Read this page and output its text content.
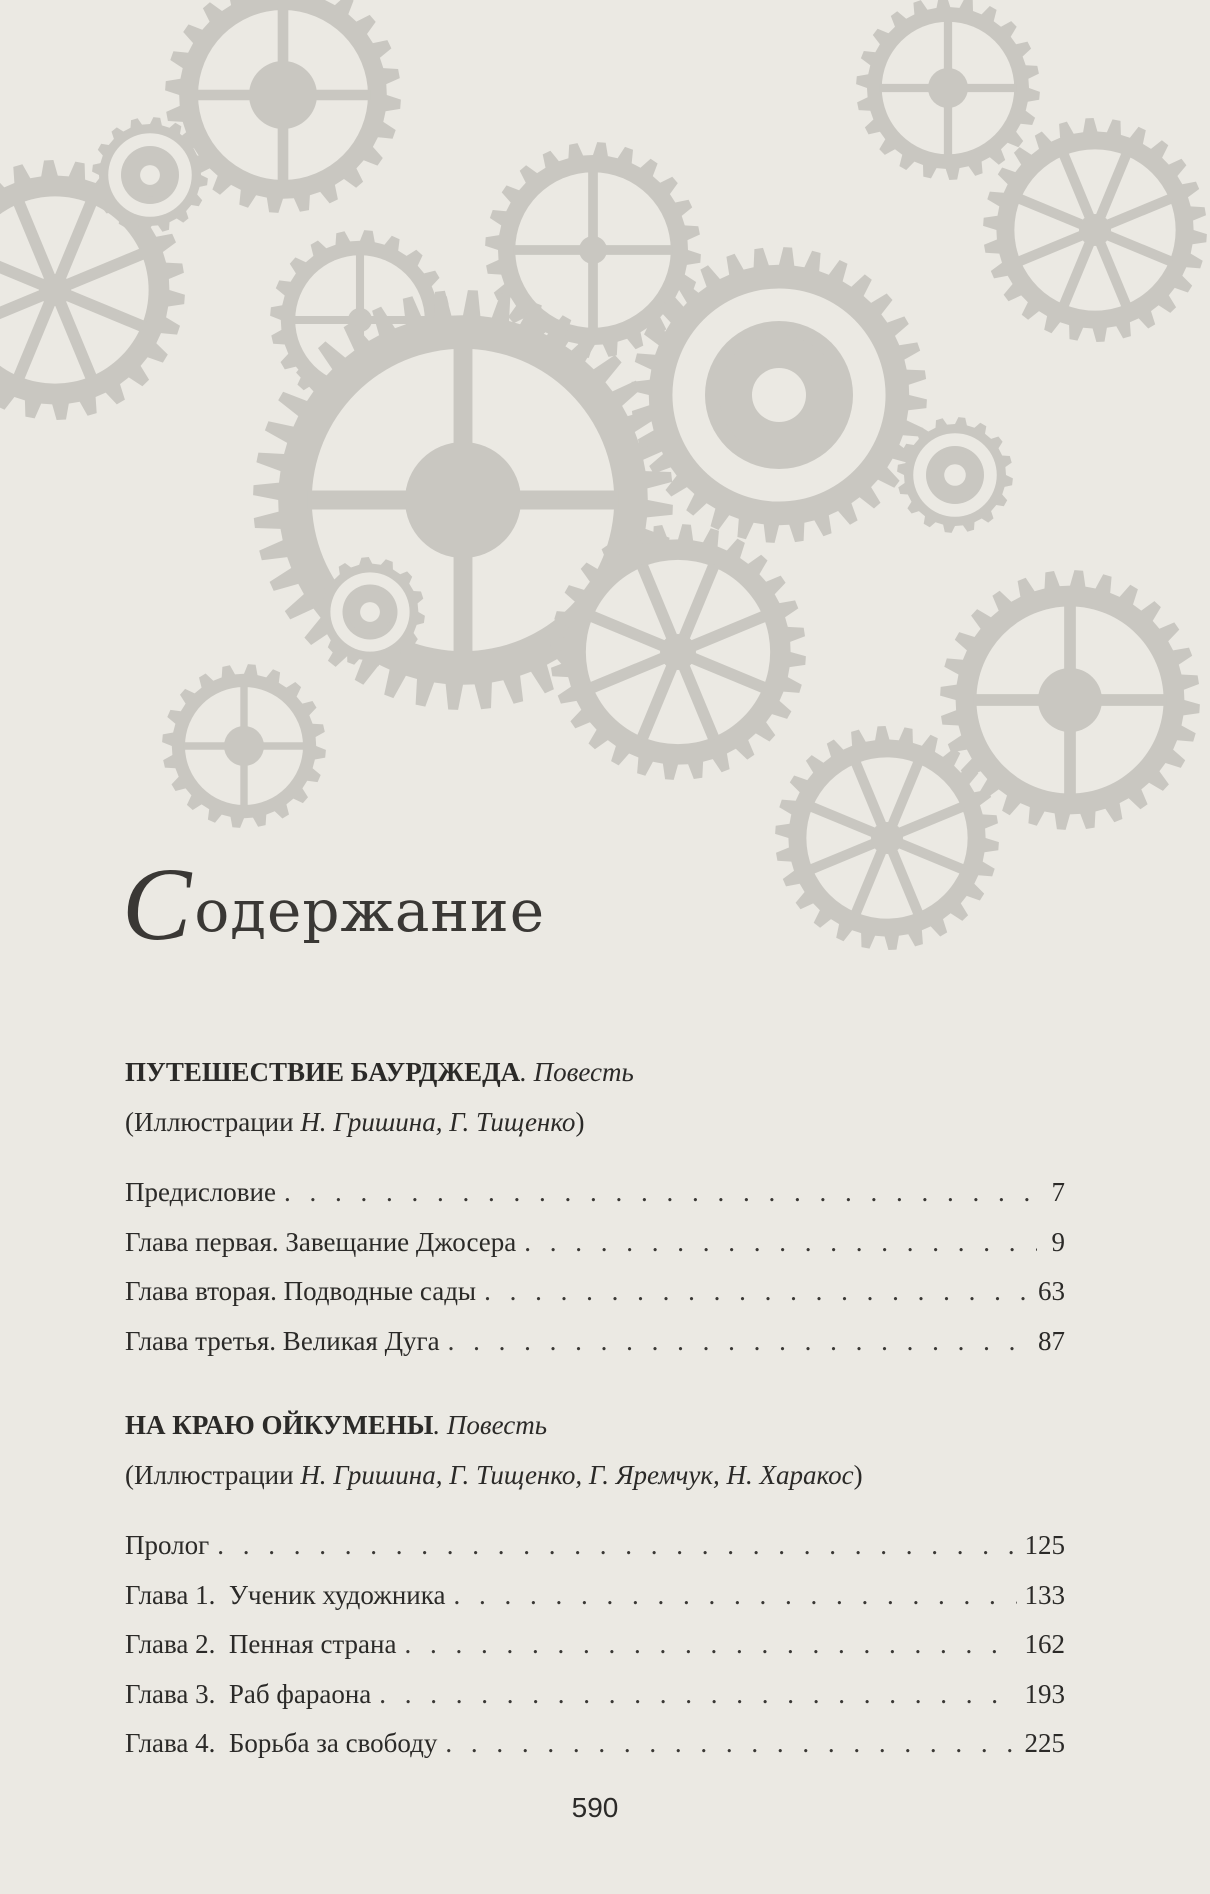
С одержание
ПУТЕШЕСТВИЕ БАУРДЖЕДА. Повесть
(Иллюстрации Н. Гришина, Г. Тищенко)
Предисловие . . .	7
Глава первая. Завещание Джосера . . .	9
Глава вторая. Подводные сады . . .	63
Глава третья. Великая Дуга . . .	87
НА КРАЮ ОЙКУМЕНЫ. Повесть
(Иллюстрации Н. Гришина, Г. Тищенко, Г. Яремчук, Н. Харакос)
Пролог . . .	125
Глава 1.  Ученик художника . . .	133
Глава 2.  Пенная страна . . .	162
Глава 3.  Раб фараона . . .	193
Глава 4.  Борьба за свободу . . .	225
590
